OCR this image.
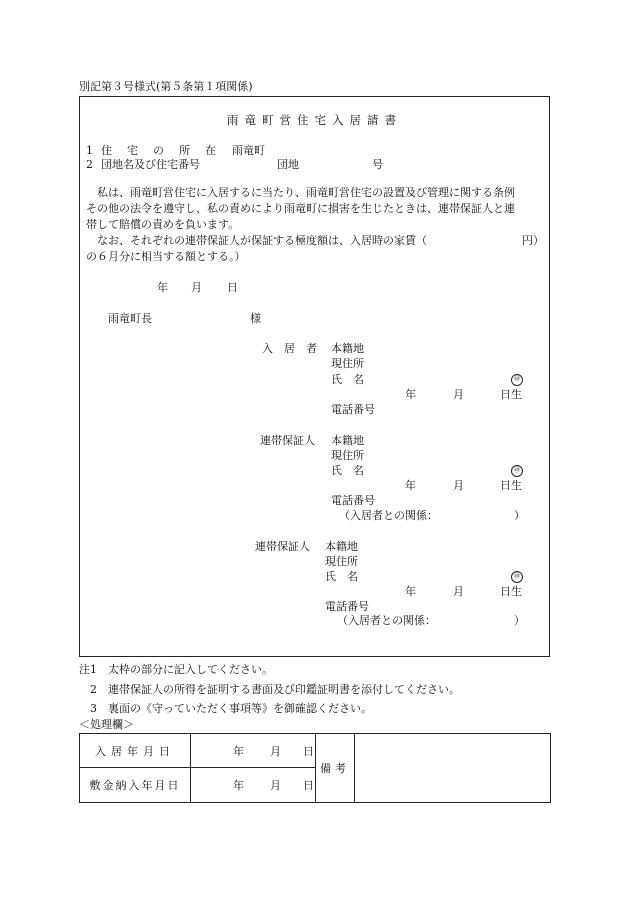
別記第３号様式(第５条第１項関係)
雨竜町営住宅入居請書
1 住　宅　の　所　在 雨竜町
2 団地名及び住宅番号	団地	号
　私は、雨竜町営住宅に入居するに当たり、雨竜町営住宅の設置及び管理に関する条例
その他の法令を遵守し、私の責めにより雨竜町に損害を生じたときは、連帯保証人と連
帯して賠償の責めを負います。
　なお、それぞれの連帯保証人が保証する極度額は、入居時の家賃（	円）
の６月分に相当する額とする。）
年 月 日
雨竜町長	様
入　居　者 本籍地
現住所
氏　名	㊞
年	月	日生
電話番号
連帯保証人 本籍地
現住所
氏　名	㊞
年	月	日生
電話番号
（入居者との関係：	）
連帯保証人 本籍地
現住所
氏　名	㊞
年	月	日生
電話番号
（入居者との関係：	）
注1　太枠の部分に記入してください。
　2　連帯保証人の所得を証明する書面及び印鑑証明書を添付してください。
　3　裏面の《守っていただく事項等》を御確認ください。
＜処理欄＞
入居年月日	年 月 日	備考	
敷金納入年月日	年 月 日		
